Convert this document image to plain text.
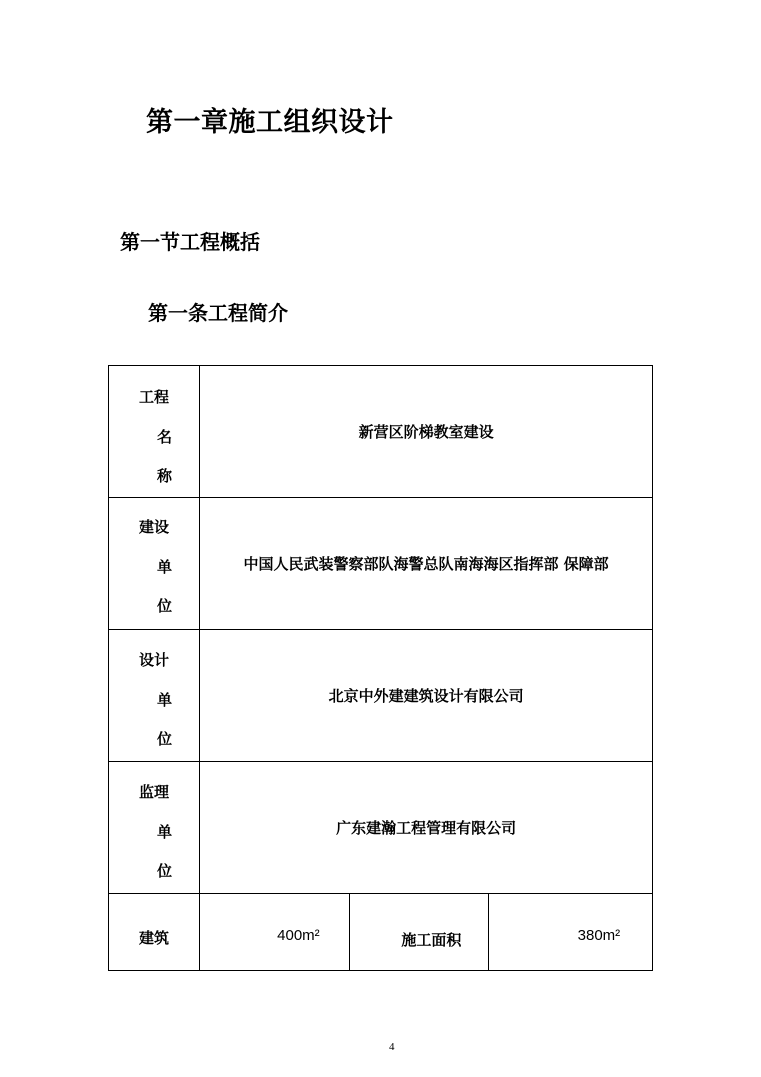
第一章施工组织设计
第一节工程概括
第一条工程简介
工程
名
称	新营区阶梯教室建设		

建设
单
位	中国人民武装警察部队海警总队南海海区指挥部 保障部		

设计
单
位	北京中外建建筑设计有限公司		

监理
单
位	广东建瀚工程管理有限公司		

建筑	400m²	施工面积	380m²
4
